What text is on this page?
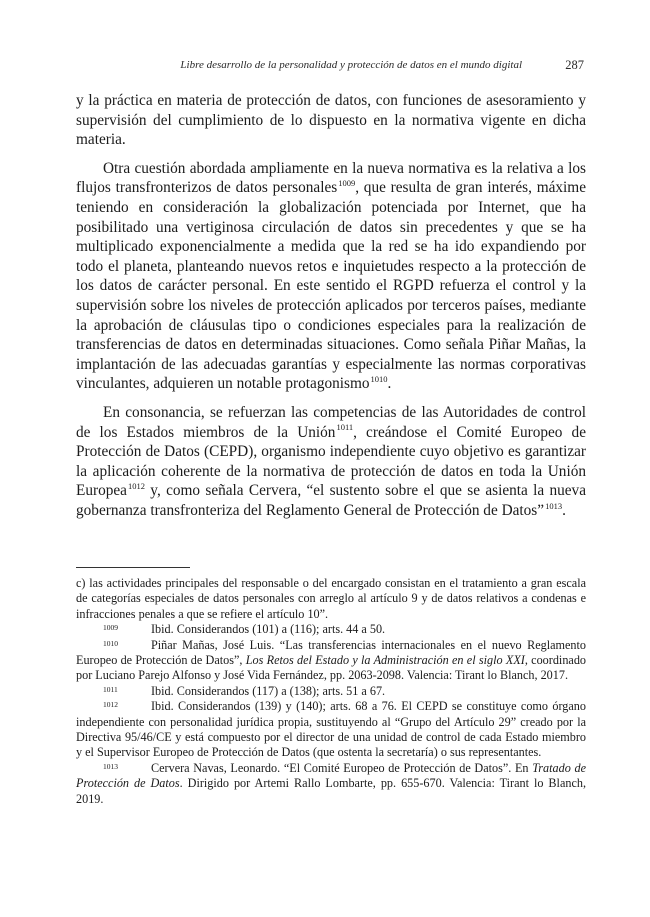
Libre desarrollo de la personalidad y protección de datos en el mundo digital	287

y la práctica en materia de protección de datos, con funciones de asesoramiento y supervisión del cumplimiento de lo dispuesto en la normativa vigente en dicha materia.

Otra cuestión abordada ampliamente en la nueva normativa es la relativa a los flujos transfronterizos de datos personales$^{1009}$, que resulta de gran interés, máxime teniendo en consideración la globalización potenciada por Internet, que ha posibilitado una vertiginosa circulación de datos sin precedentes y que se ha multiplicado exponencialmente a medida que la red se ha ido expandiendo por todo el planeta, planteando nuevos retos e inquietudes respecto a la protección de los datos de carácter personal. En este sentido el RGPD refuerza el control y la supervisión sobre los niveles de protección aplicados por terceros países, mediante la aprobación de cláusulas tipo o condiciones especiales para la realización de transferencias de datos en determinadas situaciones. Como señala Piñar Mañas, la implantación de las adecuadas garantías y especialmente las normas corporativas vinculantes, adquieren un notable protagonismo$^{1010}$.

En consonancia, se refuerzan las competencias de las Autoridades de control de los Estados miembros de la Unión$^{1011}$, creándose el Comité Europeo de Protección de Datos (CEPD), organismo independiente cuyo objetivo es garantizar la aplicación coherente de la normativa de protección de datos en toda la Unión Europea$^{1012}$ y, como señala Cervera, “el sustento sobre el que se asienta la nueva gobernanza transfronteriza del Reglamento General de Protección de Datos”$^{1013}$.

c) las actividades principales del responsable o del encargado consistan en el tratamiento a gran escala de categorías especiales de datos personales con arreglo al artículo 9 y de datos relativos a condenas e infracciones penales a que se refiere el artículo 10”.

1009	Ibid. Considerandos (101) a (116); arts. 44 a 50.

1010	Piñar Mañas, José Luis. “Las transferencias internacionales en el nuevo Reglamento Europeo de Protección de Datos”, Los Retos del Estado y la Administración en el siglo XXI, coordinado por Luciano Parejo Alfonso y José Vida Fernández, pp. 2063-2098. Valencia: Tirant lo Blanch, 2017.

1011	Ibid. Considerandos (117) a (138); arts. 51 a 67.

1012	Ibid. Considerandos (139) y (140); arts. 68 a 76. El CEPD se constituye como órgano independiente con personalidad jurídica propia, sustituyendo al “Grupo del Artículo 29” creado por la Directiva 95/46/CE y está compuesto por el director de una unidad de control de cada Estado miembro y el Supervisor Europeo de Protección de Datos (que ostenta la secretaría) o sus representantes.

1013	Cervera Navas, Leonardo. “El Comité Europeo de Protección de Datos”. En Tratado de Protección de Datos. Dirigido por Artemi Rallo Lombarte, pp. 655-670. Valencia: Tirant lo Blanch, 2019.
